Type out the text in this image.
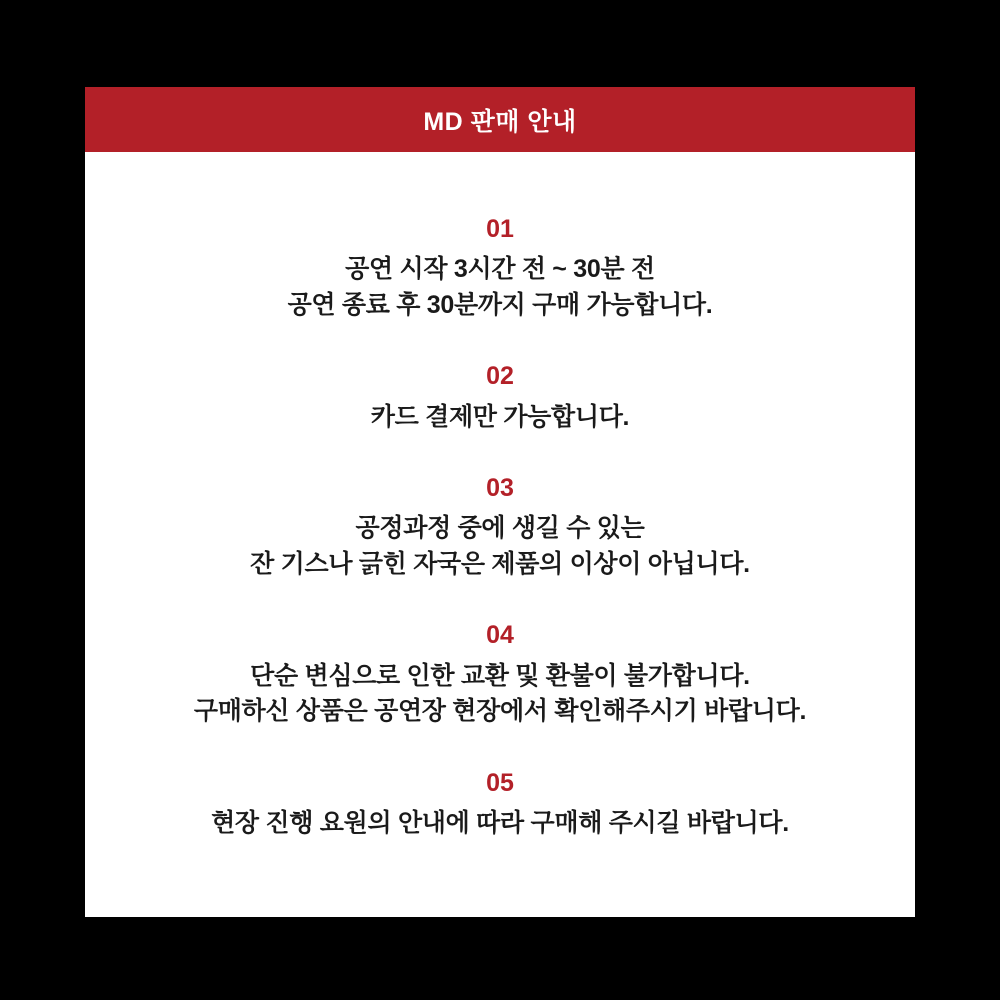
MD 판매 안내
01
공연 시작 3시간 전 ~ 30분 전
공연 종료 후 30분까지 구매 가능합니다.
02
카드 결제만 가능합니다.
03
공정과정 중에 생길 수 있는
잔 기스나 긁힌 자국은 제품의 이상이 아닙니다.
04
단순 변심으로 인한 교환 및 환불이 불가합니다.
구매하신 상품은 공연장 현장에서 확인해주시기 바랍니다.
05
현장 진행 요원의 안내에 따라 구매해 주시길 바랍니다.
